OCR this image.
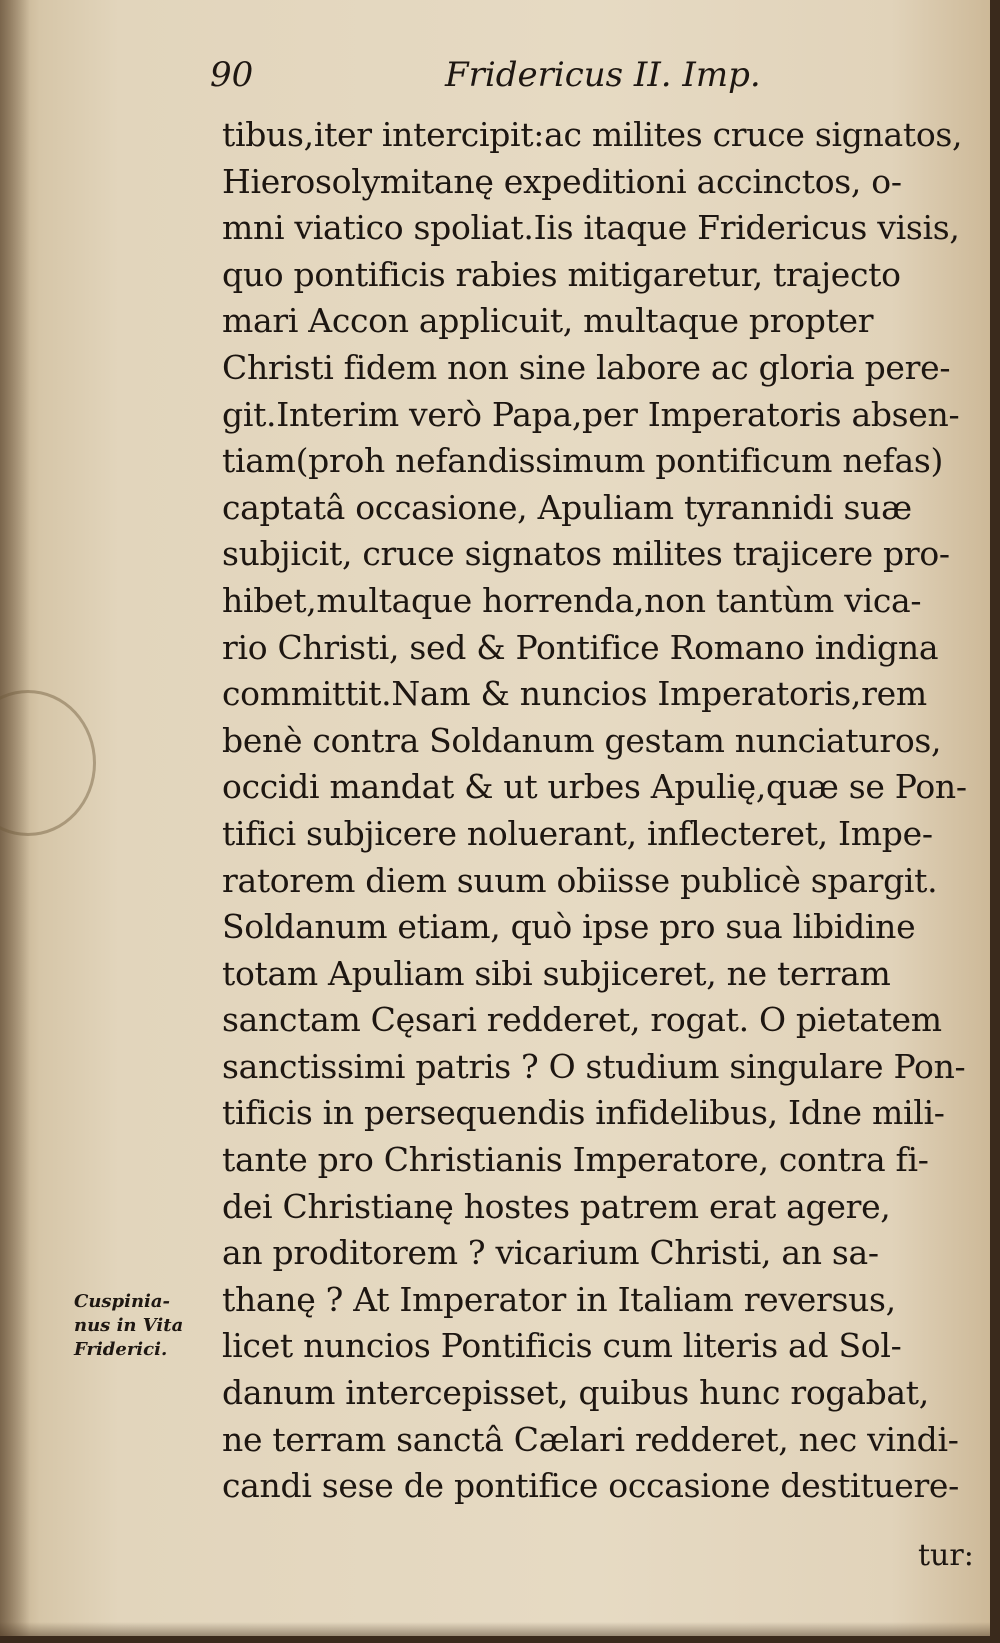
90	Fridericus II. Imp.
tibus,iter intercipit:ac milites cruce signatos,
Hierosolymitanę expeditioni accinctos, o-
mni viatico spoliat.Iis itaque Fridericus visis,
quo pontificis rabies mitigaretur, trajecto
mari Accon applicuit, multaque propter
Christi fidem non sine labore ac gloria pere-
git.Interim verò Papa,per Imperatoris absen-
tiam(proh nefandissimum pontificum nefas)
captatâ occasione, Apuliam tyrannidi suæ
subjicit, cruce signatos milites trajicere pro-
hibet,multaque horrenda,non tantùm vica-
rio Christi, sed & Pontifice Romano indigna
committit.Nam & nuncios Imperatoris,rem
benè contra Soldanum gestam nunciaturos,
occidi mandat & ut urbes Apulię,quæ se Pon-
tifici subjicere noluerant, inflecteret, Impe-
ratorem diem suum obiisse publicè spargit.
Soldanum etiam, quò ipse pro sua libidine
totam Apuliam sibi subjiceret, ne terram
sanctam Cęsari redderet, rogat. O pietatem
sanctissimi patris ? O studium singulare Pon-
tificis in persequendis infidelibus, Idne mili-
tante pro Christianis Imperatore, contra fi-
dei Christianę hostes patrem erat agere,
an proditorem ? vicarium Christi, an sa-
thanę ? At Imperator in Italiam reversus,
licet nuncios Pontificis cum literis ad Sol-
danum intercepisset, quibus hunc rogabat,
ne terram sanctâ Cælari redderet, nec vindi-
candi sese de pontifice occasione destituere-
Cuspinia-
nus in Vita
Friderici.
tur:
